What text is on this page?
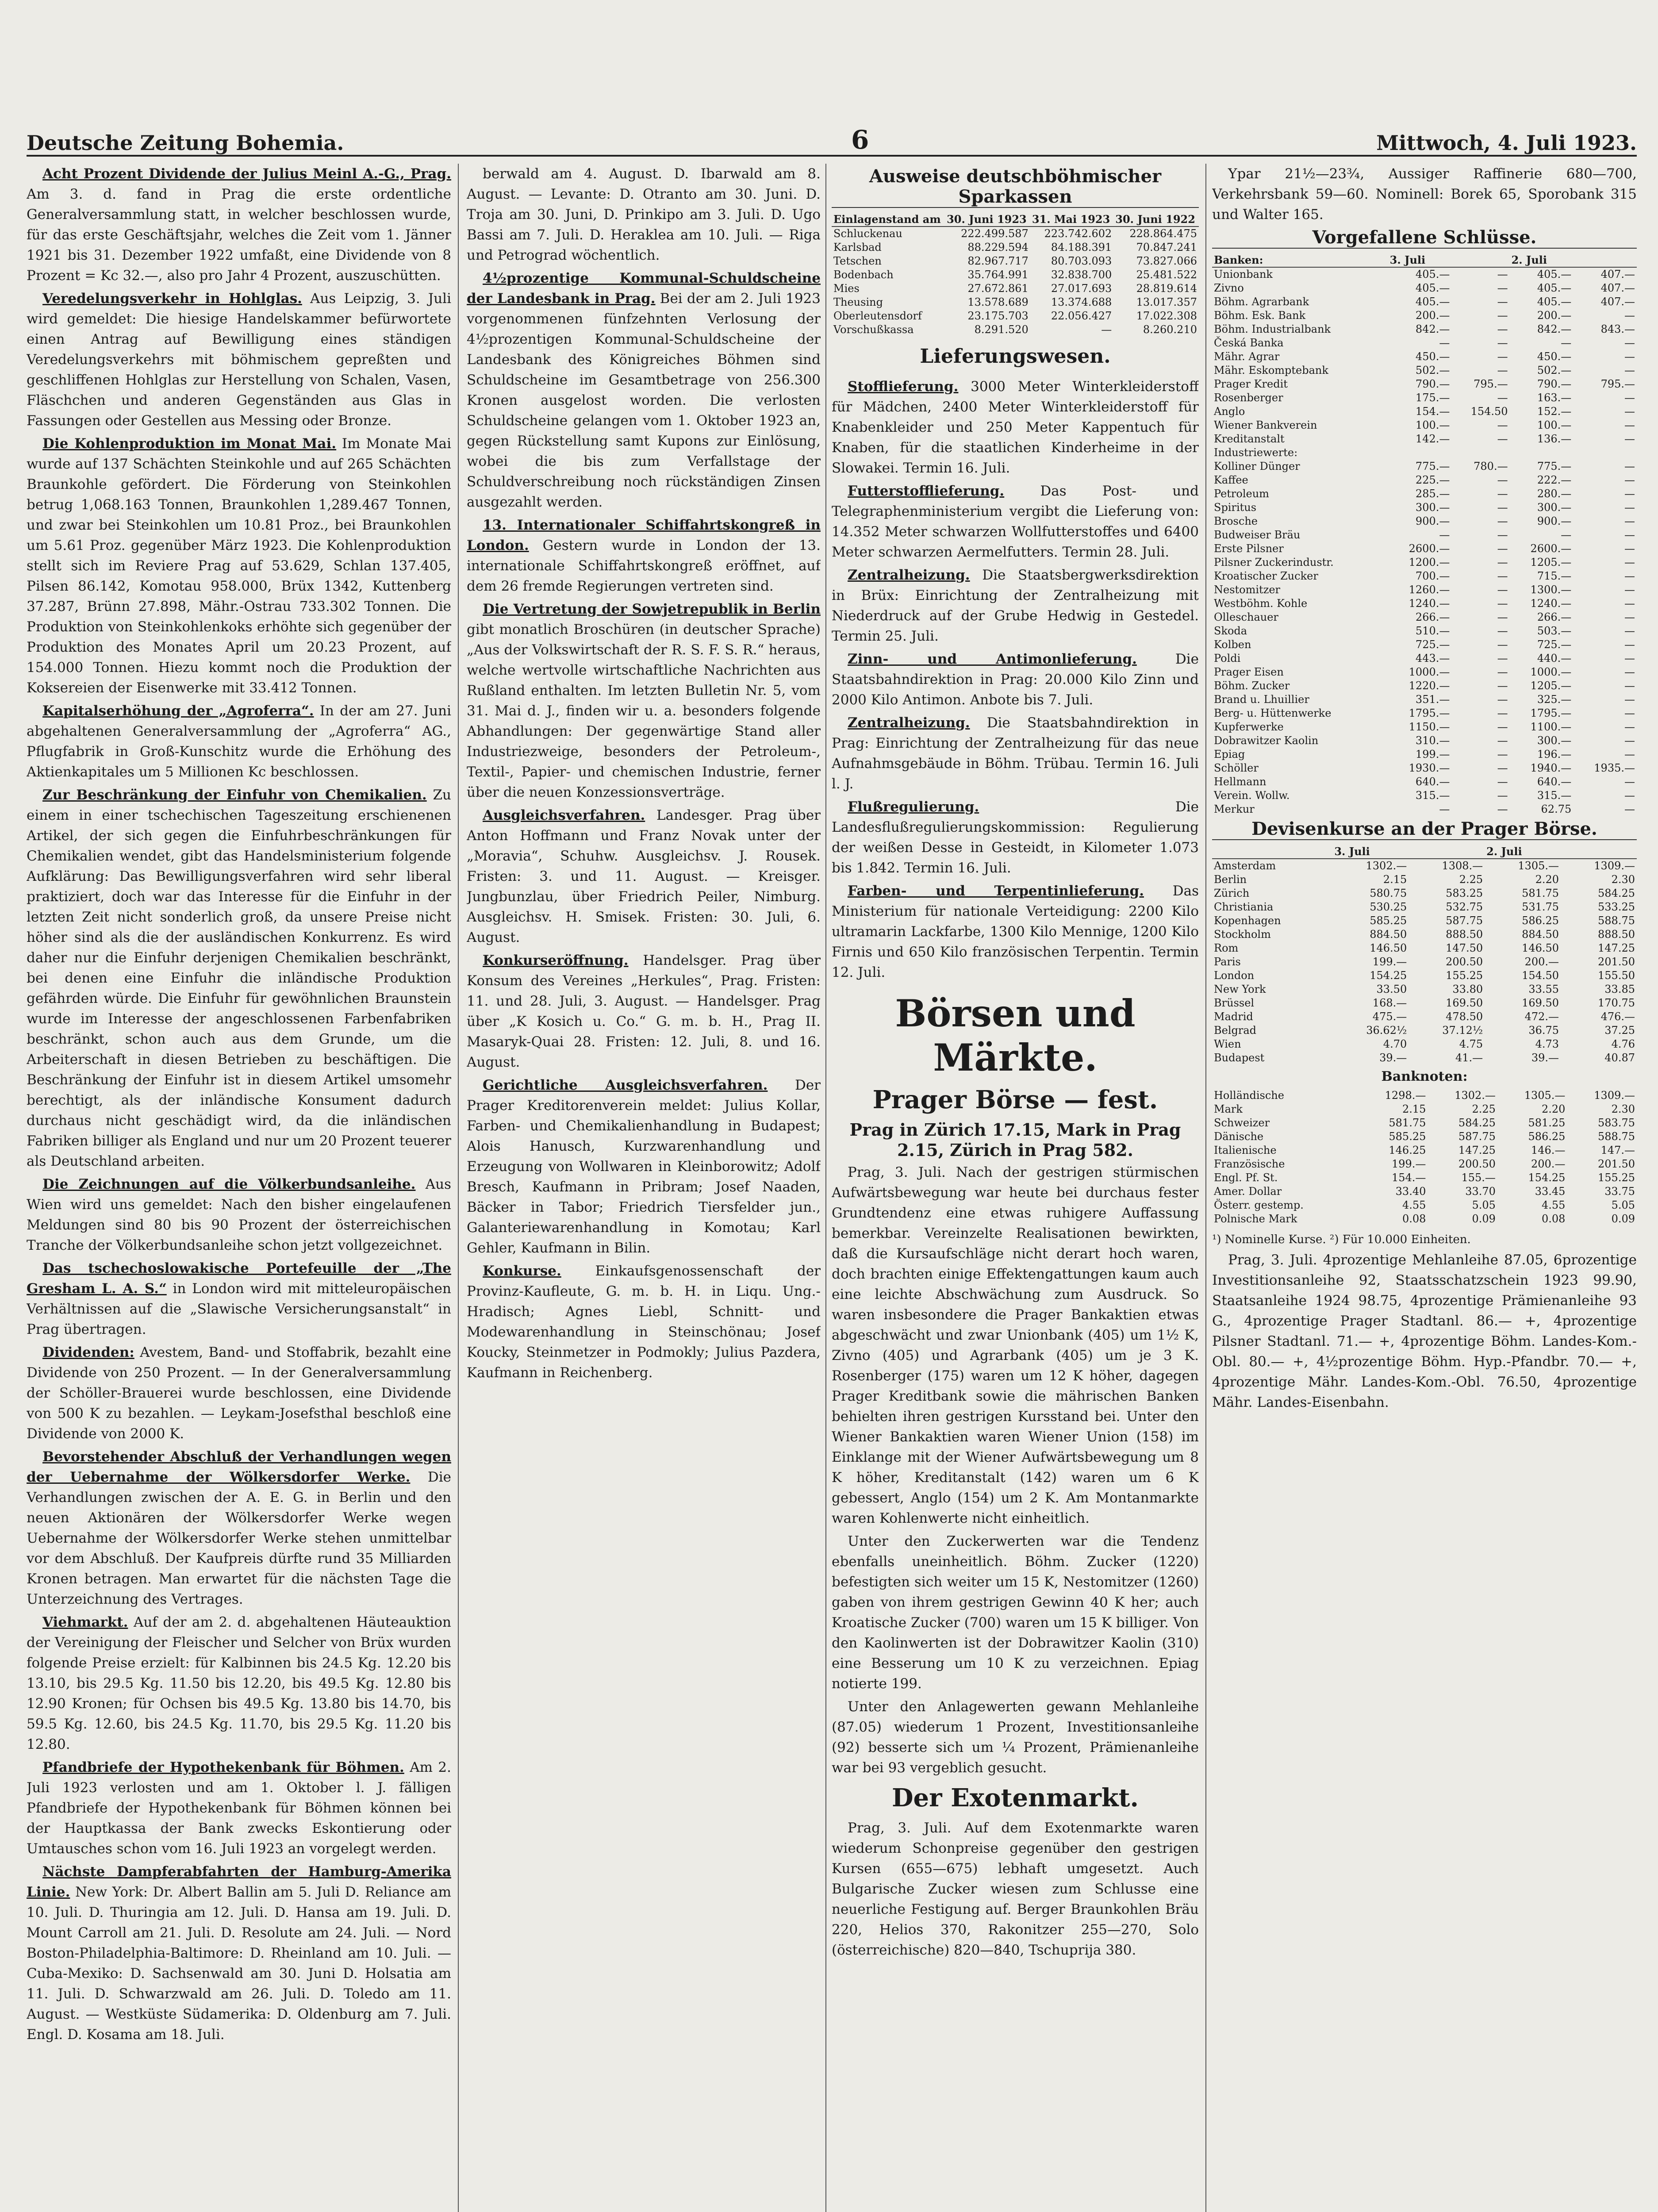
Deutsche Zeitung Bohemia.	6	Mittwoch, 4. Juli 1923.

Acht Prozent Dividende der Julius Meinl A.-G., Prag. Am 3. d. fand in Prag die erste ordentliche Generalversammlung statt, in welcher beschlossen wurde, für das erste Geschäftsjahr, welches die Zeit vom 1. Jänner 1921 bis 31. Dezember 1922 umfaßt, eine Dividende von 8 Prozent = Kc 32.—, also pro Jahr 4 Prozent, auszuschütten.

Veredelungsverkehr in Hohlglas. Aus Leipzig, 3. Juli wird gemeldet: Die hiesige Handelskammer befürwortete einen Antrag auf Bewilligung eines ständigen Veredelungsverkehrs mit böhmischem gepreßten und geschliffenen Hohlglas zur Herstellung von Schalen, Vasen, Fläschchen und anderen Gegenständen aus Glas in Fassungen oder Gestellen aus Messing oder Bronze.

Die Kohlenproduktion im Monat Mai. Im Monate Mai wurde auf 137 Schächten Steinkohle und auf 265 Schächten Braunkohle gefördert. Die Förderung von Steinkohlen betrug 1,068.163 Tonnen, Braunkohlen 1,289.467 Tonnen, und zwar bei Steinkohlen um 10.81 Proz., bei Braunkohlen um 5.61 Proz. gegenüber März 1923. Die Kohlenproduktion stellt sich im Reviere Prag auf 53.629, Schlan 137.405, Pilsen 86.142, Komotau 958.000, Brüx 1342, Kuttenberg 37.287, Brünn 27.898, Mähr.-Ostrau 733.302 Tonnen. Die Produktion von Steinkohlenkoks erhöhte sich gegenüber der Produktion des Monates April um 20.23 Prozent, auf 154.000 Tonnen. Hiezu kommt noch die Produktion der Koksereien der Eisenwerke mit 33.412 Tonnen.

Kapitalserhöhung der „Agroferra“. In der am 27. Juni abgehaltenen Generalversammlung der „Agroferra“ AG., Pflugfabrik in Groß-Kunschitz wurde die Erhöhung des Aktienkapitales um 5 Millionen Kc beschlossen.

Zur Beschränkung der Einfuhr von Chemikalien. Zu einem in einer tschechischen Tageszeitung erschienenen Artikel, der sich gegen die Einfuhrbeschränkungen für Chemikalien wendet, gibt das Handelsministerium folgende Aufklärung: Das Bewilligungsverfahren wird sehr liberal praktiziert, doch war das Interesse für die Einfuhr in der letzten Zeit nicht sonderlich groß, da unsere Preise nicht höher sind als die der ausländischen Konkurrenz. Es wird daher nur die Einfuhr derjenigen Chemikalien beschränkt, bei denen eine Einfuhr die inländische Produktion gefährden würde. Die Einfuhr für gewöhnlichen Braunstein wurde im Interesse der angeschlossenen Farbenfabriken beschränkt, schon auch aus dem Grunde, um die Arbeiterschaft in diesen Betrieben zu beschäftigen. Die Beschränkung der Einfuhr ist in diesem Artikel umsomehr berechtigt, als der inländische Konsument dadurch durchaus nicht geschädigt wird, da die inländischen Fabriken billiger als England und nur um 20 Prozent teuerer als Deutschland arbeiten.

Die Zeichnungen auf die Völkerbundsanleihe. Aus Wien wird uns gemeldet: Nach den bisher eingelaufenen Meldungen sind 80 bis 90 Prozent der österreichischen Tranche der Völkerbundsanleihe schon jetzt vollgezeichnet.

Das tschechoslowakische Portefeuille der „The Gresham L. A. S.“ in London wird mit mitteleuropäischen Verhältnissen auf die „Slawische Versicherungsanstalt“ in Prag übertragen.

Dividenden: Avestem, Band- und Stoffabrik, bezahlt eine Dividende von 250 Prozent. — In der Generalversammlung der Schöller-Brauerei wurde beschlossen, eine Dividende von 500 K zu bezahlen. — Leykam-Josefsthal beschloß eine Dividende von 2000 K.

Bevorstehender Abschluß der Verhandlungen wegen der Uebernahme der Wölkersdorfer Werke. Die Verhandlungen zwischen der A. E. G. in Berlin und den neuen Aktionären der Wölkersdorfer Werke wegen Uebernahme der Wölkersdorfer Werke stehen unmittelbar vor dem Abschluß. Der Kaufpreis dürfte rund 35 Milliarden Kronen betragen. Man erwartet für die nächsten Tage die Unterzeichnung des Vertrages.

Viehmarkt. Auf der am 2. d. abgehaltenen Häuteauktion der Vereinigung der Fleischer und Selcher von Brüx wurden folgende Preise erzielt: für Kalbinnen bis 24.5 Kg. 12.20 bis 13.10, bis 29.5 Kg. 11.50 bis 12.20, bis 49.5 Kg. 12.80 bis 12.90 Kronen; für Ochsen bis 49.5 Kg. 13.80 bis 14.70, bis 59.5 Kg. 12.60, bis 24.5 Kg. 11.70, bis 29.5 Kg. 11.20 bis 12.80.

Pfandbriefe der Hypothekenbank für Böhmen. Am 2. Juli 1923 verlosten und am 1. Oktober l. J. fälligen Pfandbriefe der Hypothekenbank für Böhmen können bei der Hauptkassa der Bank zwecks Eskontierung oder Umtausches schon vom 16. Juli 1923 an vorgelegt werden.

Nächste Dampferabfahrten der Hamburg-Amerika Linie. New York: Dr. Albert Ballin am 5. Juli D. Reliance am 10. Juli. D. Thuringia am 12. Juli. D. Hansa am 19. Juli. D. Mount Carroll am 21. Juli. D. Resolute am 24. Juli. — Nord Boston-Philadelphia-Baltimore: D. Rheinland am 10. Juli. — Cuba-Mexiko: D. Sachsenwald am 30. Juni D. Holsatia am 11. Juli. D. Schwarzwald am 26. Juli. D. Toledo am 11. August. — Westküste Südamerika: D. Oldenburg am 7. Juli. Engl. D. Kosama am 18. Juli.

berwald am 4. August. D. Ibarwald am 8. August. — Levante: D. Otranto am 30. Juni. D. Troja am 30. Juni, D. Prinkipo am 3. Juli. D. Ugo Bassi am 7. Juli. D. Heraklea am 10. Juli. — Riga und Petrograd wöchentlich.

4½prozentige Kommunal-Schuldscheine der Landesbank in Prag. Bei der am 2. Juli 1923 vorgenommenen fünfzehnten Verlosung der 4½prozentigen Kommunal-Schuldscheine der Landesbank des Königreiches Böhmen sind Schuldscheine im Gesamtbetrage von 256.300 Kronen ausgelost worden. Die verlosten Schuldscheine gelangen vom 1. Oktober 1923 an, gegen Rückstellung samt Kupons zur Einlösung, wobei die bis zum Verfallstage der Schuldverschreibung noch rückständigen Zinsen ausgezahlt werden.

13. Internationaler Schiffahrtskongreß in London. Gestern wurde in London der 13. internationale Schiffahrtskongreß eröffnet, auf dem 26 fremde Regierungen vertreten sind.

Die Vertretung der Sowjetrepublik in Berlin gibt monatlich Broschüren (in deutscher Sprache) „Aus der Volkswirtschaft der R. S. F. S. R.“ heraus, welche wertvolle wirtschaftliche Nachrichten aus Rußland enthalten. Im letzten Bulletin Nr. 5, vom 31. Mai d. J., finden wir u. a. besonders folgende Abhandlungen: Der gegenwärtige Stand aller Industriezweige, besonders der Petroleum-, Textil-, Papier- und chemischen Industrie, ferner über die neuen Konzessionsverträge.

Ausgleichsverfahren. Landesger. Prag über Anton Hoffmann und Franz Novak unter der „Moravia“, Schuhw. Ausgleichsv. J. Rousek. Fristen: 3. und 11. August. — Kreisger. Jungbunzlau, über Friedrich Peiler, Nimburg. Ausgleichsv. H. Smisek. Fristen: 30. Juli, 6. August.

Konkurseröffnung. Handelsger. Prag über Konsum des Vereines „Herkules“, Prag. Fristen: 11. und 28. Juli, 3. August. — Handelsger. Prag über „K Kosich u. Co.“ G. m. b. H., Prag II. Masaryk-Quai 28. Fristen: 12. Juli, 8. und 16. August.

Gerichtliche Ausgleichsverfahren. Der Prager Kreditorenverein meldet: Julius Kollar, Farben- und Chemikalienhandlung in Budapest; Alois Hanusch, Kurzwarenhandlung und Erzeugung von Wollwaren in Kleinborowitz; Adolf Bresch, Kaufmann in Pribram; Josef Naaden, Bäcker in Tabor; Friedrich Tiersfelder jun., Galanteriewarenhandlung in Komotau; Karl Gehler, Kaufmann in Bilin.

Konkurse. Einkaufsgenossenschaft der Provinz-Kaufleute, G. m. b. H. in Liqu. Ung.-Hradisch; Agnes Liebl, Schnitt- und Modewarenhandlung in Steinschönau; Josef Koucky, Steinmetzer in Podmokly; Julius Pazdera, Kaufmann in Reichenberg.

Ausweise deutschböhmischer Sparkassen
Einlagenstand am	30. Juni 1923	31. Mai 1923	30. Juni 1922
Schluckenau	222.499.587	223.742.602	228.864.475
Karlsbad	88.229.594	84.188.391	70.847.241
Tetschen	82.967.717	80.703.093	73.827.066
Bodenbach	35.764.991	32.838.700	25.481.522
Mies	27.672.861	27.017.693	28.819.614
Theusing	13.578.689	13.374.688	13.017.357
Oberleutensdorf	23.175.703	22.056.427	17.022.308
Vorschußkassa	8.291.520	—	8.260.210
Lieferungswesen.

Stofflieferung. 3000 Meter Winterkleiderstoff für Mädchen, 2400 Meter Winterkleiderstoff für Knabenkleider und 250 Meter Kappentuch für Knaben, für die staatlichen Kinderheime in der Slowakei. Termin 16. Juli.

Futterstofflieferung.	Das Post- und Telegraphenministerium vergibt die Lieferung von: 14.352 Meter schwarzen Wollfutterstoffes und 6400 Meter schwarzen Aermelfutters. Termin 28. Juli.

Zentralheizung. Die Staatsbergwerksdirektion in Brüx: Einrichtung der Zentralheizung mit Niederdruck auf der Grube Hedwig in Gestedel. Termin 25. Juli.

Zinn- und Antimonlieferung.	Die Staatsbahndirektion in Prag: 20.000 Kilo Zinn und 2000 Kilo Antimon. Anbote bis 7. Juli.

Zentralheizung. Die Staatsbahndirektion in Prag: Einrichtung der Zentralheizung für das neue Aufnahmsgebäude in Böhm. Trübau. Termin 16. Juli l. J.

Flußregulierung.	Die Landesflußregulierungskommission: Regulierung der weißen Desse in Gesteidt, in Kilometer 1.073 bis 1.842. Termin 16. Juli.

Farben- und Terpentinlieferung. Das Ministerium für nationale Verteidigung: 2200 Kilo ultramarin Lackfarbe, 1300 Kilo Mennige, 1200 Kilo Firnis und 650 Kilo französischen Terpentin. Termin 12. Juli.

Börsen und Märkte.
Prager Börse — fest.
Prag in Zürich 17.15, Mark in Prag 2.15, Zürich in Prag 582.

Prag, 3. Juli. Nach der gestrigen stürmischen Aufwärtsbewegung war heute bei durchaus fester Grundtendenz eine etwas ruhigere Auffassung bemerkbar. Vereinzelte Realisationen bewirkten, daß die Kursaufschläge nicht derart hoch waren, doch brachten einige Effektengattungen kaum auch eine leichte Abschwächung zum Ausdruck. So waren insbesondere die Prager Bankaktien etwas abgeschwächt und zwar Unionbank (405) um 1½ K, Zivno (405) und Agrarbank (405) um je 3 K. Rosenberger (175) waren um 12 K höher, dagegen Prager Kreditbank sowie die mährischen Banken behielten ihren gestrigen Kursstand bei. Unter den Wiener Bankaktien waren Wiener Union (158) im Einklange mit der Wiener Aufwärtsbewegung um 8 K höher, Kreditanstalt (142) waren um 6 K gebessert, Anglo (154) um 2 K. Am Montanmarkte waren Kohlenwerte nicht einheitlich.

Unter den Zuckerwerten war die Tendenz ebenfalls uneinheitlich. Böhm. Zucker (1220) befestigten sich weiter um 15 K, Nestomitzer (1260) gaben von ihrem gestrigen Gewinn 40 K her; auch Kroatische Zucker (700) waren um 15 K billiger. Von den Kaolinwerten ist der Dobrawitzer Kaolin (310) eine Besserung um 10 K zu verzeichnen. Epiag notierte 199.

Unter den Anlagewerten gewann Mehlanleihe (87.05) wiederum 1 Prozent, Investitionsanleihe (92) besserte sich um ¼ Prozent, Prämienanleihe war bei 93 vergeblich gesucht.

Der Exotenmarkt.

Prag, 3. Juli. Auf dem Exotenmarkte waren wiederum Schonpreise gegenüber den gestrigen Kursen (655—675) lebhaft umgesetzt. Auch Bulgarische Zucker wiesen zum Schlusse eine neuerliche Festigung auf. Berger Braunkohlen Bräu 220, Helios 370, Rakonitzer 255—270, Solo (österreichische) 820—840, Tschuprija 380.

Ypar 21½—23¾, Aussiger Raffinerie 680—700, Verkehrsbank 59—60. Nominell: Borek 65, Sporobank 315 und Walter 165.

Vorgefallene Schlüsse.
Banken:	3. Juli		2. Juli	
Unionbank	405.—	—	405.—	407.—
Zivno	405.—	—	405.—	407.—
Böhm. Agrarbank	405.—	—	405.—	407.—
Böhm. Esk. Bank	200.—	—	200.—	—
Böhm. Industrialbank	842.—	—	842.—	843.—
Česká Banka	—	—	—	—
Mähr. Agrar	450.—	—	450.—	—
Mähr. Eskomptebank	502.—	—	502.—	—
Prager Kredit	790.—	795.—	790.—	795.—
Rosenberger	175.—	—	163.—	—
Anglo	154.—	154.50	152.—	—
Wiener Bankverein	100.—	—	100.—	—
Kreditanstalt	142.—	—	136.—	—
Industriewerte:				
Kolliner Dünger	775.—	780.—	775.—	—
Kaffee	225.—	—	222.—	—
Petroleum	285.—	—	280.—	—
Spiritus	300.—	—	300.—	—
Brosche	900.—	—	900.—	—
Budweiser Bräu	—	—	—	—
Erste Pilsner	2600.—	—	2600.—	—
Pilsner Zuckerindustr.	1200.—	—	1205.—	—
Kroatischer Zucker	700.—	—	715.—	—
Nestomitzer	1260.—	—	1300.—	—
Westböhm. Kohle	1240.—	—	1240.—	—
Olleschauer	266.—	—	266.—	—
Skoda	510.—	—	503.—	—
Kolben	725.—	—	725.—	—
Poldi	443.—	—	440.—	—
Prager Eisen	1000.—	—	1000.—	—
Böhm. Zucker	1220.—	—	1205.—	—
Brand u. Lhuillier	351.—	—	325.—	—
Berg- u. Hüttenwerke	1795.—	—	1795.—	—
Kupferwerke	1150.—	—	1100.—	—
Dobrawitzer Kaolin	310.—	—	300.—	—
Epiag	199.—	—	196.—	—
Schöller	1930.—	—	1940.—	1935.—
Hellmann	640.—	—	640.—	—
Verein. Wollw.	315.—	—	315.—	—
Merkur	—	—	62.75	—
Devisenkurse an der Prager Börse.
	3. Juli		2. Juli	
Amsterdam	1302.—	1308.—	1305.—	1309.—
Berlin	2.15	2.25	2.20	2.30
Zürich	580.75	583.25	581.75	584.25
Christiania	530.25	532.75	531.75	533.25
Kopenhagen	585.25	587.75	586.25	588.75
Stockholm	884.50	888.50	884.50	888.50
Rom	146.50	147.50	146.50	147.25
Paris	199.—	200.50	200.—	201.50
London	154.25	155.25	154.50	155.50
New York	33.50	33.80	33.55	33.85
Brüssel	168.—	169.50	169.50	170.75
Madrid	475.—	478.50	472.—	476.—
Belgrad	36.62½	37.12½	36.75	37.25
Wien	4.70	4.75	4.73	4.76
Budapest	39.—	41.—	39.—	40.87
Banknoten:
Holländische	1298.—	1302.—	1305.—	1309.—
Mark	2.15	2.25	2.20	2.30
Schweizer	581.75	584.25	581.25	583.75
Dänische	585.25	587.75	586.25	588.75
Italienische	146.25	147.25	146.—	147.—
Französische	199.—	200.50	200.—	201.50
Engl. Pf. St.	154.—	155.—	154.25	155.25
Amer. Dollar	33.40	33.70	33.45	33.75
Österr. gestemp.	4.55	5.05	4.55	5.05
Polnische Mark	0.08	0.09	0.08	0.09
¹) Nominelle Kurse. ²) Für 10.000 Einheiten.

Prag, 3. Juli. 4prozentige Mehlanleihe 87.05, 6prozentige Investitionsanleihe 92, Staatsschatzschein 1923 99.90, Staatsanleihe 1924 98.75, 4prozentige Prämienanleihe 93 G., 4prozentige Prager Stadtanl. 86.— +, 4prozentige Pilsner Stadtanl. 71.— +, 4prozentige Böhm. Landes-Kom.-Obl. 80.— +, 4½prozentige Böhm. Hyp.-Pfandbr. 70.— +, 4prozentige Mähr. Landes-Kom.-Obl. 76.50, 4prozentige Mähr. Landes-Eisenbahn.
